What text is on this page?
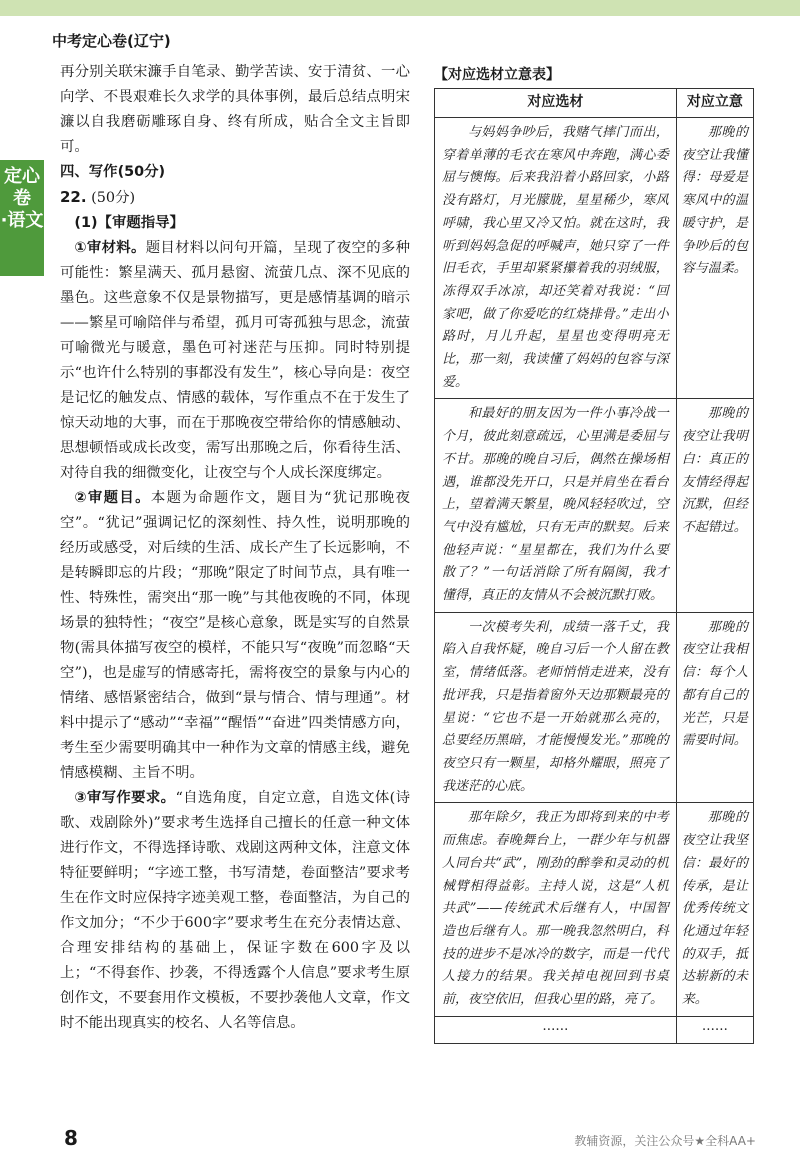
中考定心卷(辽宁)
定心卷
·语文

再分别关联宋濂手自笔录、勤学苦读、安于清贫、一心向学、不畏艰难长久求学的具体事例，最后总结点明宋濂以自我磨砺雕琢自身、终有所成，贴合全文主旨即可。

四、写作(50分)

22. (50分)

(1)【审题指导】

①审材料。题目材料以问句开篇，呈现了夜空的多种可能性：繁星满天、孤月悬窗、流萤几点、深不见底的墨色。这些意象不仅是景物描写，更是感情基调的暗示——繁星可喻陪伴与希望，孤月可寄孤独与思念，流萤可喻微光与暖意，墨色可衬迷茫与压抑。同时特别提示“也许什么特别的事都没有发生”，核心导向是：夜空是记忆的触发点、情感的载体，写作重点不在于发生了惊天动地的大事，而在于那晚夜空带给你的情感触动、思想顿悟或成长改变，需写出那晚之后，你看待生活、对待自我的细微变化，让夜空与个人成长深度绑定。

②审题目。本题为命题作文，题目为“犹记那晚夜空”。“犹记”强调记忆的深刻性、持久性，说明那晚的经历或感受，对后续的生活、成长产生了长远影响，不是转瞬即忘的片段；“那晚”限定了时间节点，具有唯一性、特殊性，需突出“那一晚”与其他夜晚的不同，体现场景的独特性；“夜空”是核心意象，既是实写的自然景物(需具体描写夜空的模样，不能只写“夜晚”而忽略“天空”)，也是虚写的情感寄托，需将夜空的景象与内心的情绪、感悟紧密结合，做到“景与情合、情与理通”。材料中提示了“感动”“幸福”“醒悟”“奋进”四类情感方向，考生至少需要明确其中一种作为文章的情感主线，避免情感模糊、主旨不明。

③审写作要求。“自选角度，自定立意，自选文体(诗歌、戏剧除外)”要求考生选择自己擅长的任意一种文体进行作文，不得选择诗歌、戏剧这两种文体，注意文体特征要鲜明；“字迹工整，书写清楚，卷面整洁”要求考生在作文时应保持字迹美观工整，卷面整洁，为自己的作文加分；“不少于600字”要求考生在充分表情达意、合理安排结构的基础上，保证字数在600字及以上；“不得套作、抄袭，不得透露个人信息”要求考生原创作文，不要套用作文模板，不要抄袭他人文章，作文时不能出现真实的校名、人名等信息。

【对应选材立意表】
对应选材	对应立意
与妈妈争吵后，我赌气摔门而出，穿着单薄的毛衣在寒风中奔跑，满心委屈与懊悔。后来我沿着小路回家，小路没有路灯，月光朦胧，星星稀少，寒风呼啸，我心里又冷又怕。就在这时，我听到妈妈急促的呼喊声，她只穿了一件旧毛衣，手里却紧紧攥着我的羽绒服，冻得双手冰凉，却还笑着对我说：“回家吧，做了你爱吃的红烧排骨。”走出小路时，月儿升起，星星也变得明亮无比，那一刻，我读懂了妈妈的包容与深爱。	那晚的夜空让我懂得：母爱是寒风中的温暖守护，是争吵后的包容与温柔。
和最好的朋友因为一件小事冷战一个月，彼此刻意疏远，心里满是委屈与不甘。那晚的晚自习后，偶然在操场相遇，谁都没先开口，只是并肩坐在看台上，望着满天繁星，晚风轻轻吹过，空气中没有尴尬，只有无声的默契。后来他轻声说：“星星都在，我们为什么要散了？”一句话消除了所有隔阂，我才懂得，真正的友情从不会被沉默打败。	那晚的夜空让我明白：真正的友情经得起沉默，但经不起错过。
一次模考失利，成绩一落千丈，我陷入自我怀疑，晚自习后一个人留在教室，情绪低落。老师悄悄走进来，没有批评我，只是指着窗外天边那颗最亮的星说：“它也不是一开始就那么亮的，总要经历黑暗，才能慢慢发光。”那晚的夜空只有一颗星，却格外耀眼，照亮了我迷茫的心底。	那晚的夜空让我相信：每个人都有自己的光芒，只是需要时间。
那年除夕，我正为即将到来的中考而焦虑。春晚舞台上，一群少年与机器人同台共“武”，刚劲的醉拳和灵动的机械臂相得益彰。主持人说，这是“人机共武”——传统武术后继有人，中国智造也后继有人。那一晚我忽然明白，科技的进步不是冰冷的数字，而是一代代人接力的结果。我关掉电视回到书桌前，夜空依旧，但我心里的路，亮了。	那晚的夜空让我坚信：最好的传承，是让优秀传统文化通过年轻的双手，抵达崭新的未来。
……	……
8	教辅资源，关注公众号★全科AA+
